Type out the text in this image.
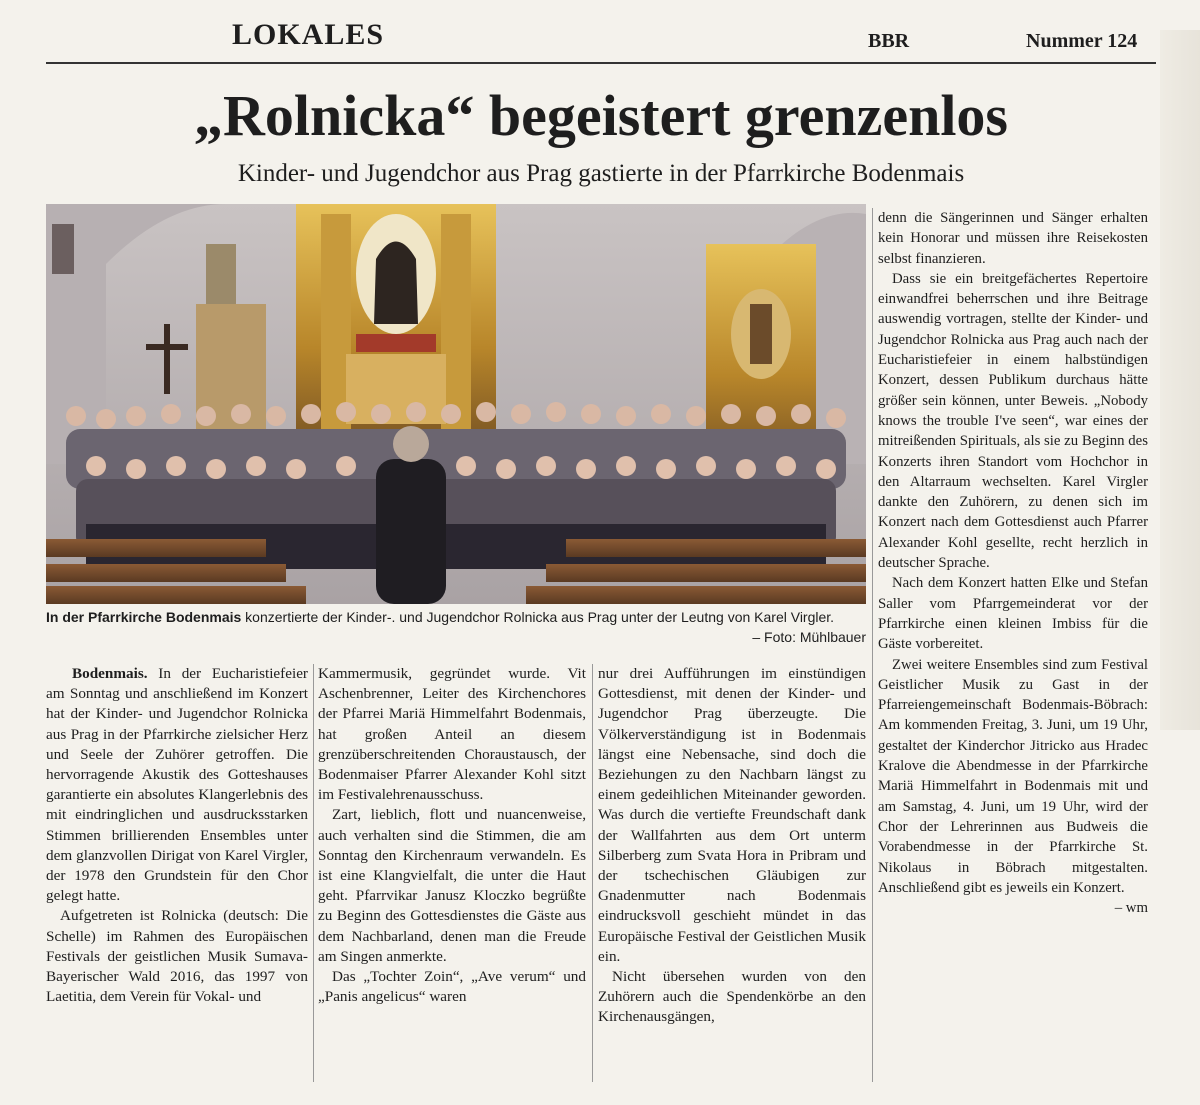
LOKALES	BBR	Nummer 124
„Rolnicka“ begeistert grenzenlos
Kinder- und Jugendchor aus Prag gastierte in der Pfarrkirche Bodenmais
In der Pfarrkirche Bodenmais konzertierte der Kinder-. und Jugendchor Rolnicka aus Prag unter der Leutng von Karel Virgler.
– Foto: Mühlbauer

Bodenmais. In der Eucharistiefeier am Sonntag und anschließend im Konzert hat der Kinder- und Jugendchor Rolnicka aus Prag in der Pfarrkirche zielsicher Herz und Seele der Zuhörer getroffen. Die hervorragende Akustik des Gotteshauses garantierte ein absolutes Klangerlebnis des mit eindringlichen und ausdrucksstarken Stimmen brillierenden Ensembles unter dem glanzvollen Dirigat von Karel Virgler, der 1978 den Grundstein für den Chor gelegt hatte.

Aufgetreten ist Rolnicka (deutsch: Die Schelle) im Rahmen des Europäischen Festivals der geistlichen Musik Sumava-Bayerischer Wald 2016, das 1997 von Laetitia, dem Verein für Vokal- und

Kammermusik, gegründet wurde. Vit Aschenbrenner, Leiter des Kirchenchores der Pfarrei Mariä Himmelfahrt Bodenmais, hat großen Anteil an diesem grenzüberschreitenden Choraustausch, der Bodenmaiser Pfarrer Alexander Kohl sitzt im Festivalehrenausschuss.

Zart, lieblich, flott und nuancenweise, auch verhalten sind die Stimmen, die am Sonntag den Kirchenraum verwandeln. Es ist eine Klangvielfalt, die unter die Haut geht. Pfarrvikar Janusz Kloczko begrüßte zu Beginn des Gottesdienstes die Gäste aus dem Nachbarland, denen man die Freude am Singen anmerkte.

Das „Tochter Zoin“, „Ave verum“ und „Panis angelicus“ waren

nur drei Aufführungen im einstündigen Gottesdienst, mit denen der Kinder- und Jugendchor Prag überzeugte. Die Völkerverständigung ist in Bodenmais längst eine Nebensache, sind doch die Beziehungen zu den Nachbarn längst zu einem gedeihlichen Miteinander geworden. Was durch die vertiefte Freundschaft dank der Wallfahrten aus dem Ort unterm Silberberg zum Svata Hora in Pribram und der tschechischen Gläubigen zur Gnadenmutter nach Bodenmais eindrucksvoll geschieht mündet in das Europäische Festival der Geistlichen Musik ein.

Nicht übersehen wurden von den Zuhörern auch die Spendenkörbe an den Kirchenausgängen,

denn die Sängerinnen und Sänger erhalten kein Honorar und müssen ihre Reisekosten selbst finanzieren.

Dass sie ein breitgefächertes Repertoire einwandfrei beherrschen und ihre Beitrage auswendig vortragen, stellte der Kinder- und Jugendchor Rolnicka aus Prag auch nach der Eucharistiefeier in einem halbstündigen Konzert, dessen Publikum durchaus hätte größer sein können, unter Beweis. „Nobody knows the trouble I've seen“, war eines der mitreißenden Spirituals, als sie zu Beginn des Konzerts ihren Standort vom Hochchor in den Altarraum wechselten. Karel Virgler dankte den Zuhörern, zu denen sich im Konzert nach dem Gottesdienst auch Pfarrer Alexander Kohl gesellte, recht herzlich in deutscher Sprache.

Nach dem Konzert hatten Elke und Stefan Saller vom Pfarrgemeinderat vor der Pfarrkirche einen kleinen Imbiss für die Gäste vorbereitet.

Zwei weitere Ensembles sind zum Festival Geistlicher Musik zu Gast in der Pfarreiengemeinschaft Bodenmais-Böbrach: Am kommenden Freitag, 3. Juni, um 19 Uhr, gestaltet der Kinderchor Jitricko aus Hradec Kralove die Abendmesse in der Pfarrkirche Mariä Himmelfahrt in Bodenmais mit und am Samstag, 4. Juni, um 19 Uhr, wird der Chor der Lehrerinnen aus Budweis die Vorabendmesse in der Pfarrkirche St. Nikolaus in Böbrach mitgestalten. Anschließend gibt es jeweils ein Konzert.

– wm
